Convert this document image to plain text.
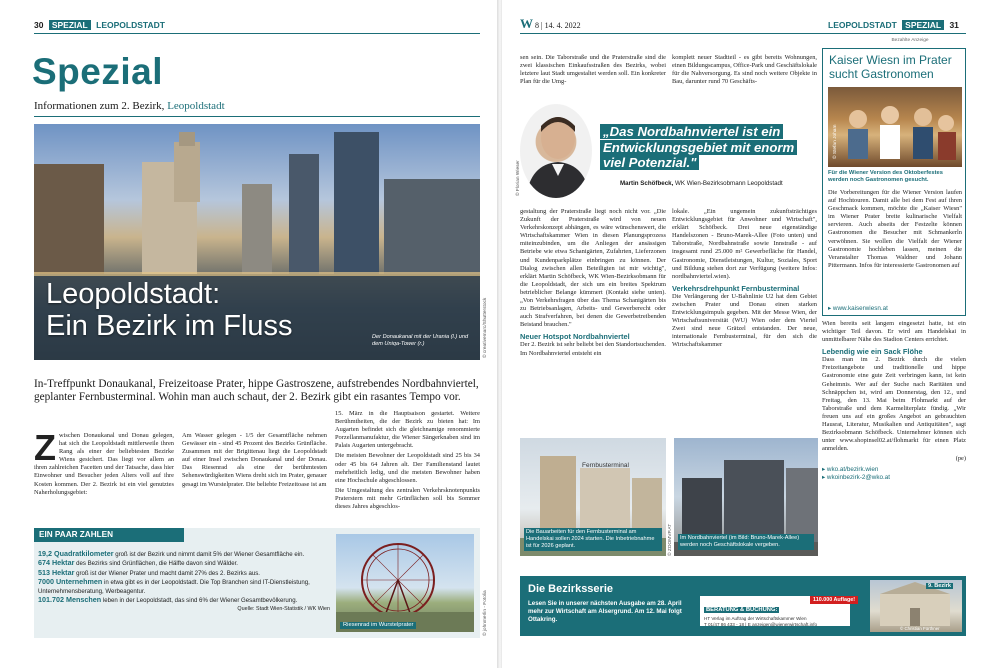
30 SPEZIAL LEOPOLDSTADT
Spezial
Informationen zum 2. Bezirk, Leopoldstadt
Leopoldstadt:
Ein Bezirk im Fluss	Der Donaukanal mit der Urania (l.) und dem Uniqa-Tower (r.)	© creativemarc/Shutterstock
In-Treffpunkt Donaukanal, Freizeitoase Prater, hippe Gastroszene, aufstrebendes Nordbahnviertel, geplanter Fernbusterminal. Wohin man auch schaut, der 2. Bezirk gibt ein rasantes Tempo vor.
Z wischen Donaukanal und Donau gelegen, hat sich die Leopoldstadt mittlerweile ihren Rang als einer der beliebtesten Bezirke Wiens gesichert. Das liegt vor allem an ihren zahlreichen Facetten und der Tatsache, dass hier Einwohner und Besucher jeden Alters voll auf ihre Kosten kommen. Der 2. Bezirk ist ein viel genutztes Naherholungsgebiet:
Am Wasser gelegen - 1/5 der Gesamtfläche nehmen Gewässer ein - sind 45 Prozent des Bezirks Grünfläche. Zusammen mit der Brigittenau liegt die Leopoldstadt auf einer Insel zwischen Donaukanal und der Donau. Das Riesenrad als eine der berühmtesten Sehenswürdigkeiten Wiens dreht sich im Prater, genauer gesagt im Wurstelprater. Die beliebte Freizeitoase ist am

15. März in die Hauptsaison gestartet. Weitere Berühmtheiten, die der Bezirk zu bieten hat: Im Augarten befindet sich die gleichnamige renommierte Porzellanmanufaktur, die Wiener Sängerknaben sind im Palais Augarten untergebracht.

Die meisten Bewohner der Leopoldstadt sind 25 bis 34 oder 45 bis 64 Jahren alt. Der Familienstand lautet mehrheitlich ledig, und die meisten Bewohner haben eine Hochschule abgeschlossen.

Die Umgestaltung des zentralen Verkehrsknotenpunkts Praterstern mit mehr Grünflächen soll bis Sommer dieses Jahres abgeschlos-

EIN PAAR ZAHLEN
19,2 Quadratkilometer groß ist der Bezirk und nimmt damit 5% der Wiener Gesamtfläche ein.
674 Hektar des Bezirks sind Grünflächen, die Hälfte davon sind Wälder.
513 Hektar groß ist der Wiener Prater und macht damit 27% des 2. Bezirks aus.
7000 Unternehmen in etwa gibt es in der Leopoldstadt. Die Top Branchen sind IT-Dienstleistung, Unternehmensberatung, Werbeagentur.
101.702 Menschen leben in der Leopoldstadt, das sind 6% der Wiener Gesamtbevölkerung.
Quelle: Stadt Wien-Statistik / WK Wien
Riesenrad im Wurstelprater	© johnmerlin - Fotolia
W 8 | 14. 4. 2022	LEOPOLDSTADT SPEZIAL 31
Bezahlte Anzeige
Kaiser Wiesn im Prater sucht Gastronomen
© Stefan Joham
Für die Wiener Version des Oktoberfestes werden noch Gastronomen gesucht.
Die Vorbereitungen für die Wiener Version laufen auf Hochtouren. Damit alle bei dem Fest auf ihren Geschmack kommen, möchte die „Kaiser Wiesn" im Wiener Prater breite kulinarische Vielfalt servieren. Auch abseits der Festzelte können Gastronomen die Besucher mit Schmankerln verwöhnen. Sie wollen die Vielfalt der Wiener Gastronomie hochleben lassen, meinen die Veranstalter Thomas Waldner und Johann Pittermann. Infos für interessierte Gastronomen auf
▸ www.kaiserwiesn.at
sen sein. Die Taborstraße und die Praterstraße sind die zwei klassischen Einkaufsstraßen des Bezirks, wobei letztere laut Stadt umgestaltet werden soll. Ein konkreter Plan für die Umg-
komplett neuer Stadtteil - es gibt bereits Wohnungen, einen Bildungscampus, Office-Park und Geschäftslokale für die Nahversorgung. Es sind noch weitere Objekte in Bau, darunter rund 70 Geschäfts-
© Florian Wieser
„Das Nordbahnviertel ist ein Entwicklungsgebiet mit enorm viel Potenzial."
Martin Schöfbeck, WK Wien-Bezirksobmann Leopoldstadt

gestaltung der Praterstraße liegt noch nicht vor. „Die Zukunft der Praterstraße wird von neuen Verkehrskonzept abhängen, es wäre wünschenswert, die Wirtschaftskammer Wien in diesen Planungsprozess miteinzubinden, um die Anliegen der ansässigen Betriebe wie etwa Schanigärten, Zufahrten, Lieferzonen und Kundenparkplätze einbringen zu können. Der Dialog zwischen allen Beteiligten ist mir wichtig", erklärt Martin Schöfbeck, WK Wien-Bezirksobmann für die Leopoldstadt, der sich um ein breites Spektrum betrieblicher Belange kümmert (Kontakt siehe unten). „Von Verkehrsfragen über das Thema Schanigärten bis zu Betriebsanlagen, Arbeits- und Gewerberecht oder auch Strafverfahren, bei denen die Gewerbetreibenden Beistand brauchen."

Neuer Hotspot Nordbahnviertel

Der 2. Bezirk ist sehr beliebt bei den Standortsuchenden. Im Nordbahnviertel entsteht ein

lokale. „Ein ungemein zukunftsträchtiges Entwicklungsgebiet für Anwohner und Wirtschaft", erklärt Schöfbeck. Drei neue eigenständige Handelszonen - Bruno-Marek-Allee (Foto unten) und Taborstraße, Nordbahnstraße sowie Innstraße - auf insgesamt rund 25.000 m² Gewerbefläche für Handel, Gastronomie, Dienstleistungen, Kultur, Soziales, Sport und Bildung stehen dort zur Verfügung (weitere Infos: nordbahnviertel.wien).

Verkehrsdrehpunkt Fernbusterminal

Die Verlängerung der U-Bahnlinie U2 hat dem Gebiet zwischen Prater und Donau einen starken Entwicklungsimpuls gegeben. Mit der Messe Wien, der Wirtschaftsuniversität (WU) Wien oder dem Viertel Zwei sind neue Grätzel entstanden. Der neue, internationale Fernbusterminal, für den sich die Wirtschaftskammer

Wien bereits seit langem eingesetzt hatte, ist ein wichtiger Teil davon. Er wird am Handelskai in unmittelbarer Nähe des Stadion Centers errichtet.

Lebendig wie ein Sack Flöhe

Dass man im 2. Bezirk durch die vielen Freizeitangebote und traditionelle und hippe Gastronomie eine gute Zeit verbringen kann, ist kein Geheimnis. Wer auf der Suche nach Raritäten und Schnäppchen ist, wird am Donnerstag, den 12., und Freitag, den 13. Mai beim Flohmarkt auf der Taborstraße und dem Karmeliterplatz fündig. „Wir freuen uns auf ein großes Angebot an gebrauchten Hausrat, Literatur, Musikalien und Antiquitäten", sagt Bezirksobmann Schöfbeck. Unternehmer können sich unter www.shopinsel02.at/flohmarkt für einen Platz anmelden.

(pe)

▸ wko.at/bezirk.wien
▸ wkoinbezirk-2@wko.at
Fernbusterminal
Die Bauarbeiten für den Fernbusterminal am Handelskai sollen 2024 starten. Die Inbetriebnahme ist für 2026 geplant.	© ZOOMVP.AT	Im Nordbahnviertel (im Bild: Bruno-Marek-Allee) werden noch Geschäftslokale vergeben.
Die Bezirksserie
Lesen Sie in unserer nächsten Ausgabe am 28. April mehr zur Wirtschaft am Alsergrund. Am 12. Mai folgt Ottakring.
BERATUNG & BUCHUNG:
HT Verlag im Auftrag der Wirtschaftskammer Wien
T 01/47 86 433 - 18 | E anzeigen@wienerwirtschaft.info
110.000 Auflage!
9. Bezirk
© Christian Fürthner
